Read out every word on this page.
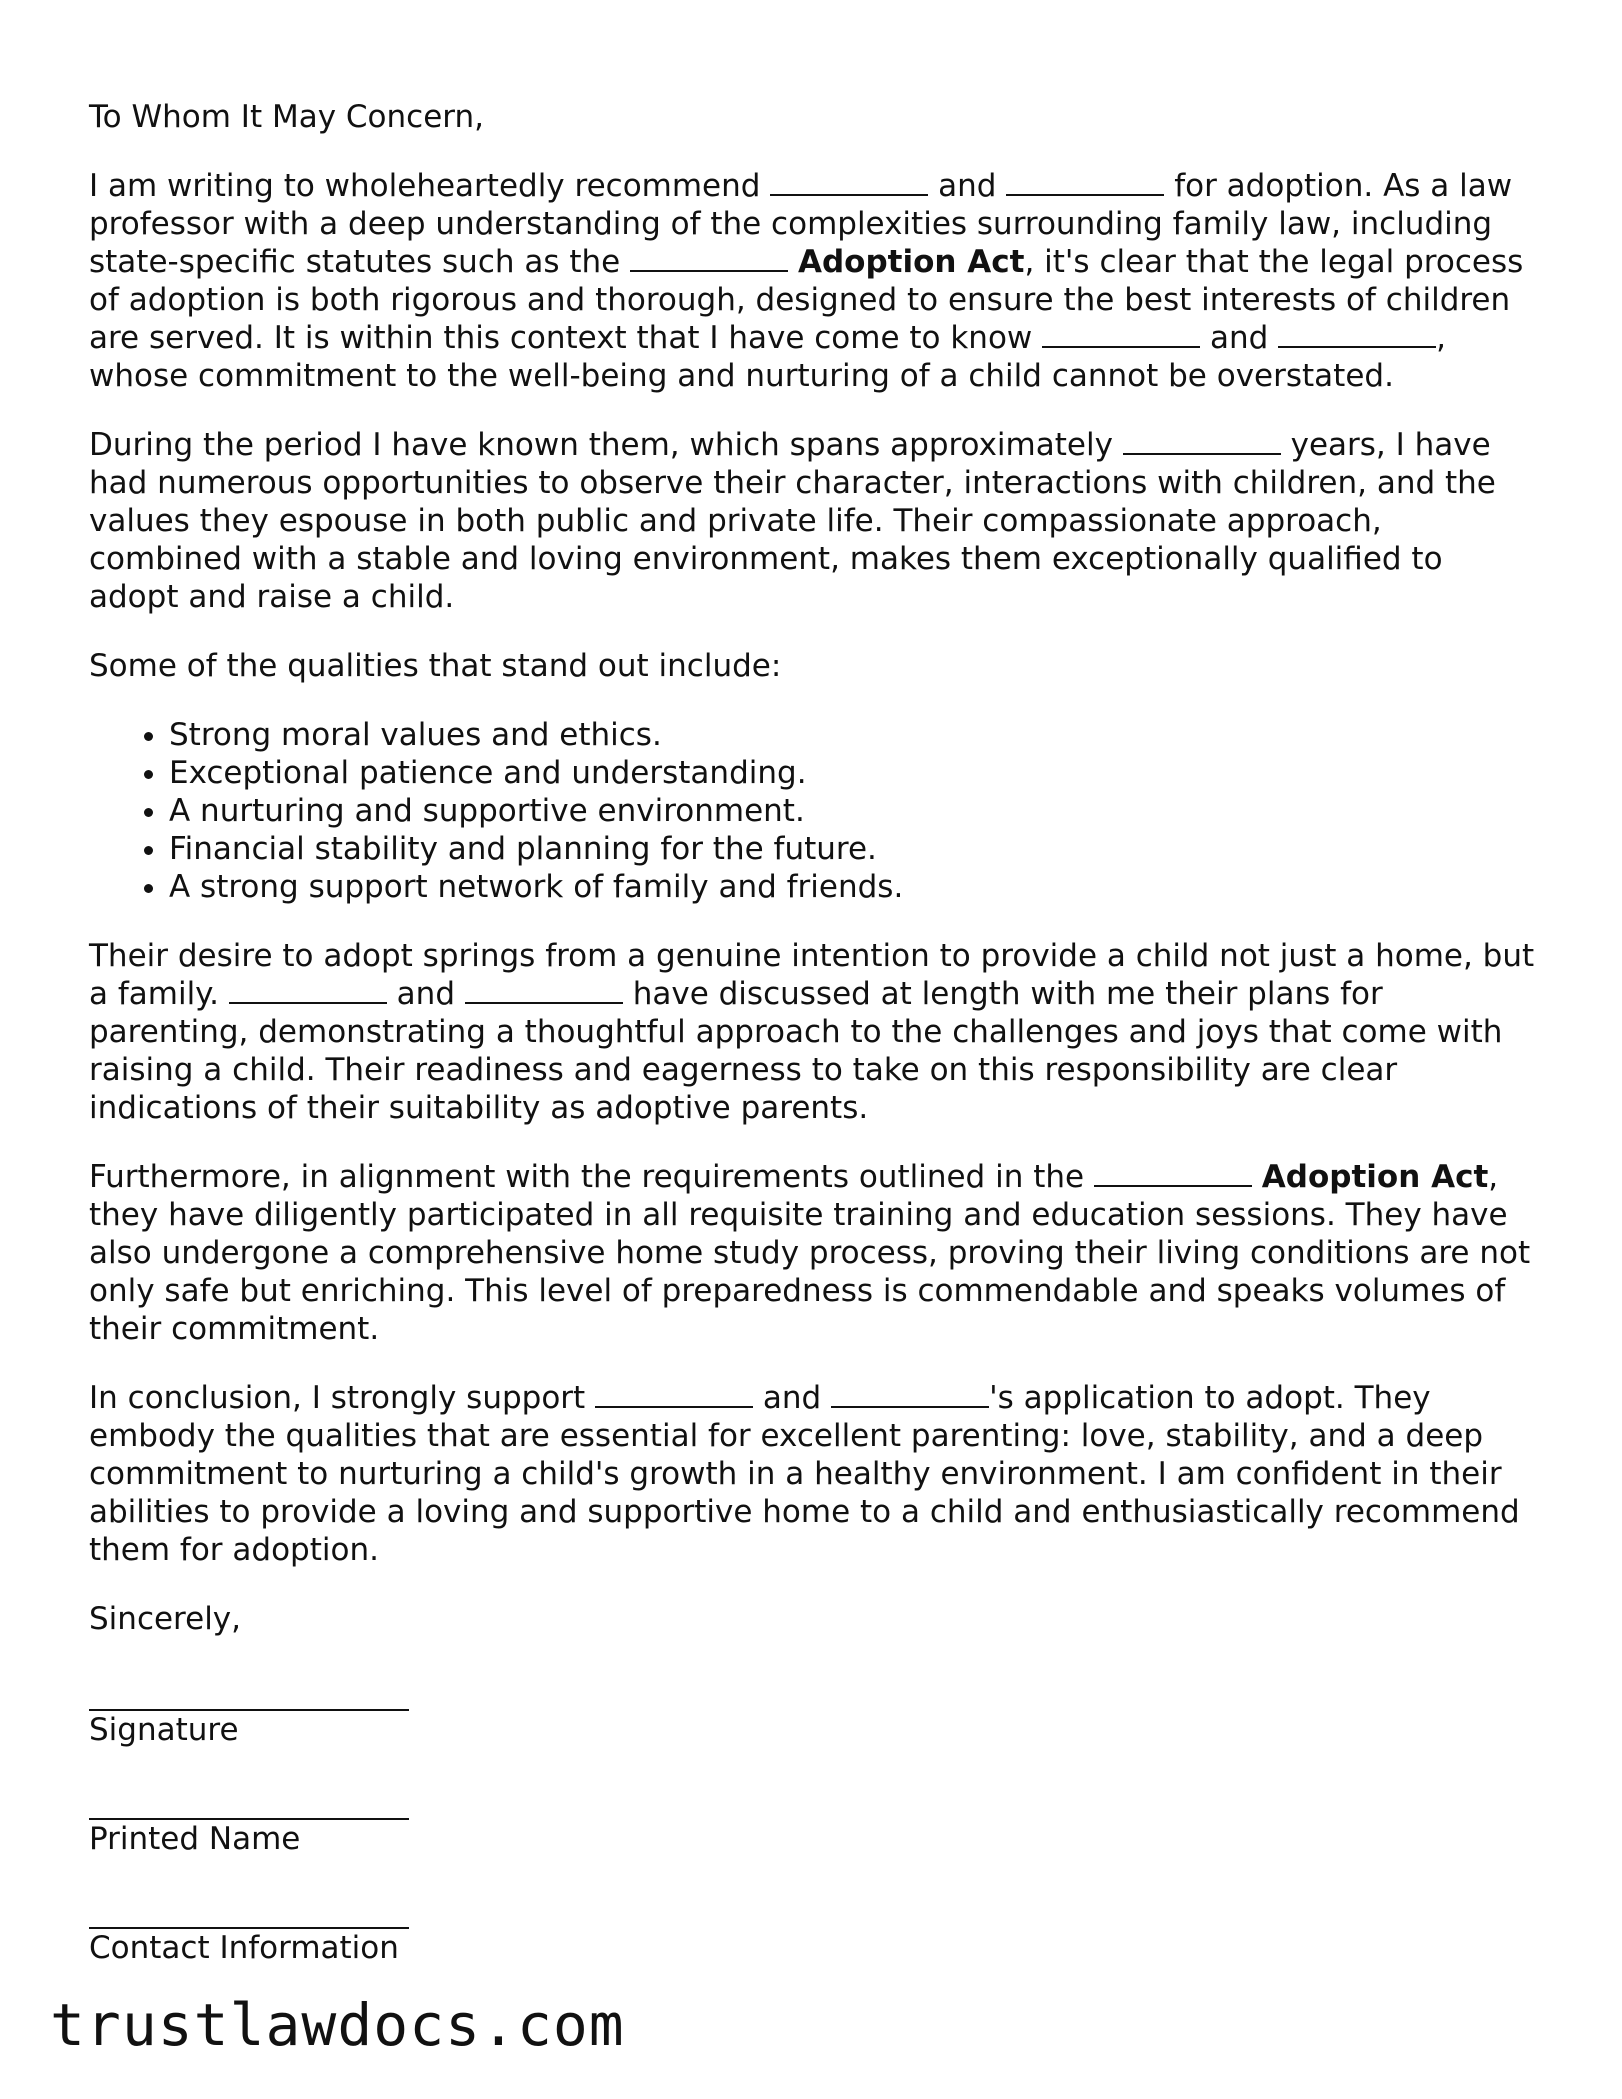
To Whom It May Concern,

I am writing to wholeheartedly recommend	and	for adoption. As a law professor with a deep understanding of the complexities surrounding family law, including state-specific statutes such as the	Adoption Act, it's clear that the legal process of adoption is both rigorous and thorough, designed to ensure the best interests of children are served. It is within this context that I have come to know	and	, whose commitment to the well-being and nurturing of a child cannot be overstated.

During the period I have known them, which spans approximately	years, I have had numerous opportunities to observe their character, interactions with children, and the values they espouse in both public and private life. Their compassionate approach, combined with a stable and loving environment, makes them exceptionally qualified to adopt and raise a child.

Some of the qualities that stand out include:

• Strong moral values and ethics.
• Exceptional patience and understanding.
• A nurturing and supportive environment.
• Financial stability and planning for the future.
• A strong support network of family and friends.

Their desire to adopt springs from a genuine intention to provide a child not just a home, but a family.	and	have discussed at length with me their plans for parenting, demonstrating a thoughtful approach to the challenges and joys that come with raising a child. Their readiness and eagerness to take on this responsibility are clear indications of their suitability as adoptive parents.

Furthermore, in alignment with the requirements outlined in the	Adoption Act, they have diligently participated in all requisite training and education sessions. They have also undergone a comprehensive home study process, proving their living conditions are not only safe but enriching. This level of preparedness is commendable and speaks volumes of their commitment.

In conclusion, I strongly support	and	's application to adopt. They embody the qualities that are essential for excellent parenting: love, stability, and a deep commitment to nurturing a child's growth in a healthy environment. I am confident in their abilities to provide a loving and supportive home to a child and enthusiastically recommend them for adoption.

Sincerely,

Signature
Printed Name
Contact Information
trustlawdocs.com
